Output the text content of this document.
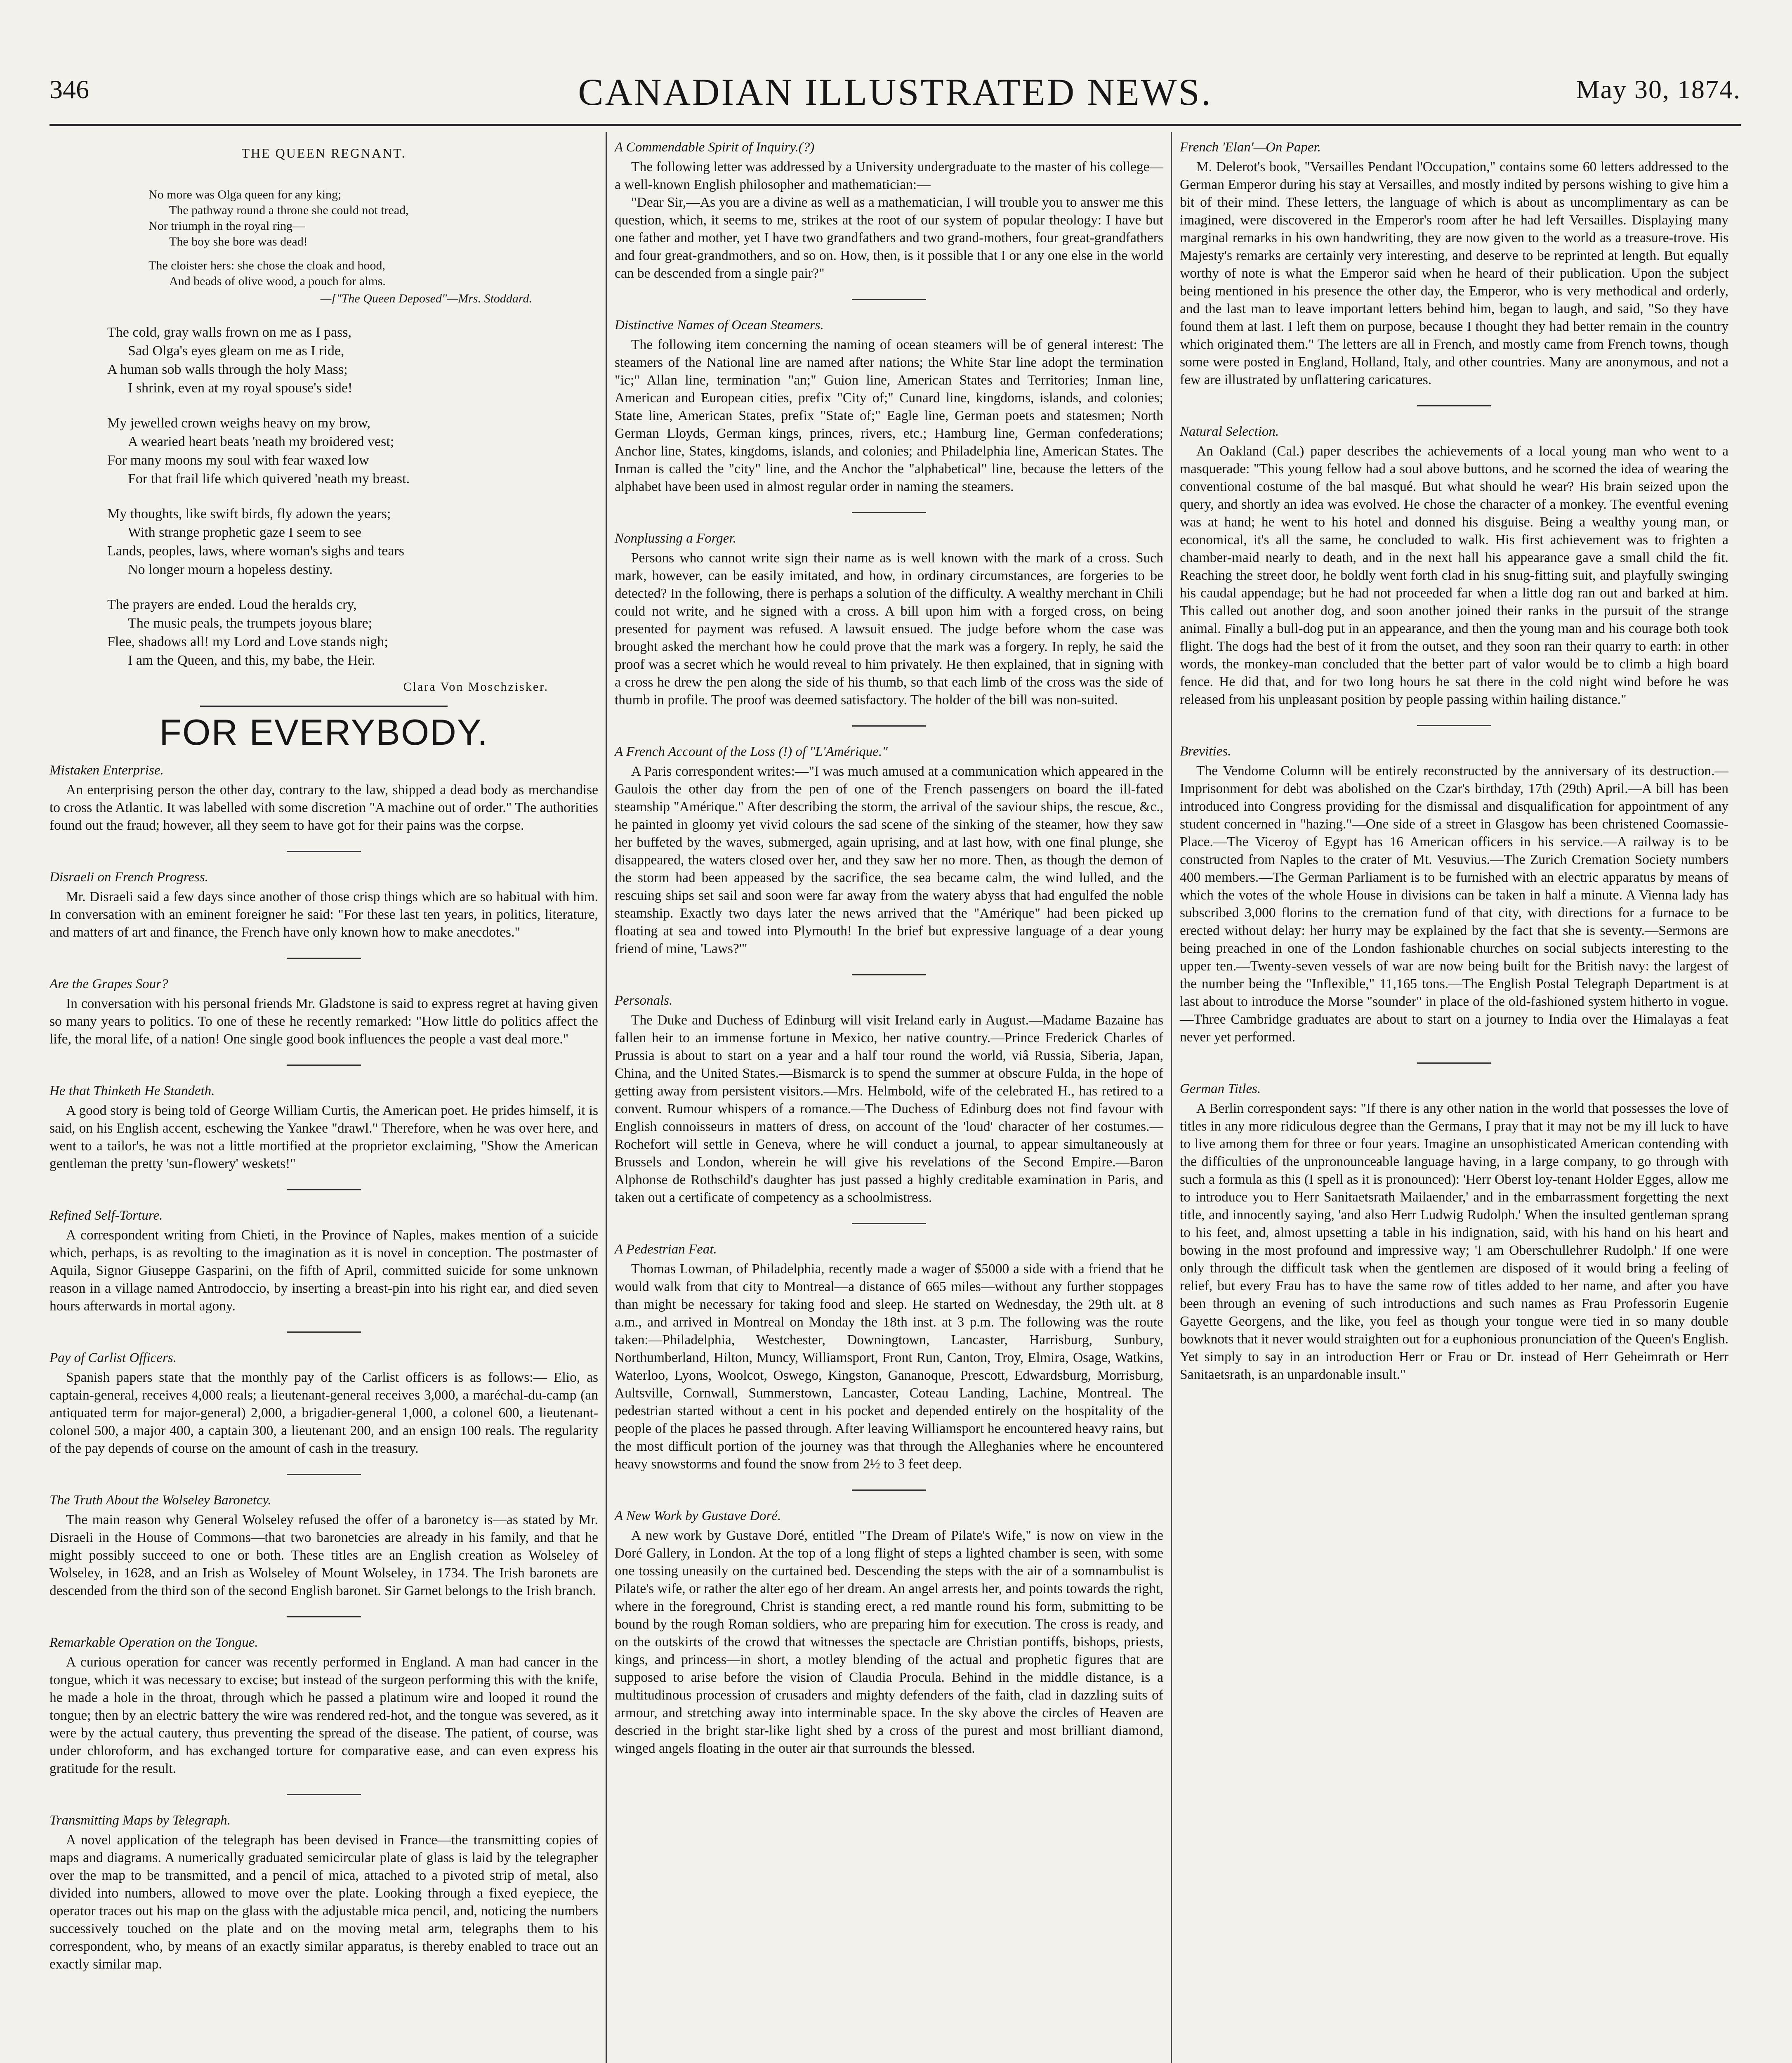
346	CANADIAN ILLUSTRATED NEWS.	May 30, 1874.
THE QUEEN REGNANT.
No more was Olga queen for any king;
The pathway round a throne she could not tread,
Nor triumph in the royal ring—
The boy she bore was dead!
The cloister hers: she chose the cloak and hood,
And beads of olive wood, a pouch for alms.
—["The Queen Deposed"—Mrs. Stoddard.
The cold, gray walls frown on me as I pass,
Sad Olga's eyes gleam on me as I ride,
A human sob walls through the holy Mass;
I shrink, even at my royal spouse's side!
My jewelled crown weighs heavy on my brow,
A wearied heart beats 'neath my broidered vest;
For many moons my soul with fear waxed low
For that frail life which quivered 'neath my breast.
My thoughts, like swift birds, fly adown the years;
With strange prophetic gaze I seem to see
Lands, peoples, laws, where woman's sighs and tears
No longer mourn a hopeless destiny.
The prayers are ended. Loud the heralds cry,
The music peals, the trumpets joyous blare;
Flee, shadows all! my Lord and Love stands nigh;
I am the Queen, and this, my babe, the Heir.
Clara Von Moschzisker.
FOR EVERYBODY.
Mistaken Enterprise.

An enterprising person the other day, contrary to the law, shipped a dead body as merchandise to cross the Atlantic. It was labelled with some discretion "A machine out of order." The authorities found out the fraud; however, all they seem to have got for their pains was the corpse.

Disraeli on French Progress.

Mr. Disraeli said a few days since another of those crisp things which are so habitual with him. In conversation with an eminent foreigner he said: "For these last ten years, in politics, literature, and matters of art and finance, the French have only known how to make anecdotes."

Are the Grapes Sour?

In conversation with his personal friends Mr. Gladstone is said to express regret at having given so many years to politics. To one of these he recently remarked: "How little do politics affect the life, the moral life, of a nation! One single good book influences the people a vast deal more."

He that Thinketh He Standeth.

A good story is being told of George William Curtis, the American poet. He prides himself, it is said, on his English accent, eschewing the Yankee "drawl." Therefore, when he was over here, and went to a tailor's, he was not a little mortified at the proprietor exclaiming, "Show the American gentleman the pretty 'sun-flowery' weskets!"

Refined Self-Torture.

A correspondent writing from Chieti, in the Province of Naples, makes mention of a suicide which, perhaps, is as revolting to the imagination as it is novel in conception. The postmaster of Aquila, Signor Giuseppe Gasparini, on the fifth of April, committed suicide for some unknown reason in a village named Antrodoccio, by inserting a breast-pin into his right ear, and died seven hours afterwards in mortal agony.

Pay of Carlist Officers.

Spanish papers state that the monthly pay of the Carlist officers is as follows:— Elio, as captain-general, receives 4,000 reals; a lieutenant-general receives 3,000, a maréchal-du-camp (an antiquated term for major-general) 2,000, a brigadier-general 1,000, a colonel 600, a lieutenant-colonel 500, a major 400, a captain 300, a lieutenant 200, and an ensign 100 reals. The regularity of the pay depends of course on the amount of cash in the treasury.

The Truth About the Wolseley Baronetcy.

The main reason why General Wolseley refused the offer of a baronetcy is—as stated by Mr. Disraeli in the House of Commons—that two baronetcies are already in his family, and that he might possibly succeed to one or both. These titles are an English creation as Wolseley of Wolseley, in 1628, and an Irish as Wolseley of Mount Wolseley, in 1734. The Irish baronets are descended from the third son of the second English baronet. Sir Garnet belongs to the Irish branch.

Remarkable Operation on the Tongue.

A curious operation for cancer was recently performed in England. A man had cancer in the tongue, which it was necessary to excise; but instead of the surgeon performing this with the knife, he made a hole in the throat, through which he passed a platinum wire and looped it round the tongue; then by an electric battery the wire was rendered red-hot, and the tongue was severed, as it were by the actual cautery, thus preventing the spread of the disease. The patient, of course, was under chloroform, and has exchanged torture for comparative ease, and can even express his gratitude for the result.

Transmitting Maps by Telegraph.

A novel application of the telegraph has been devised in France—the transmitting copies of maps and diagrams. A numerically graduated semicircular plate of glass is laid by the telegrapher over the map to be transmitted, and a pencil of mica, attached to a pivoted strip of metal, also divided into numbers, allowed to move over the plate. Looking through a fixed eyepiece, the operator traces out his map on the glass with the adjustable mica pencil, and, noticing the numbers successively touched on the plate and on the moving metal arm, telegraphs them to his correspondent, who, by means of an exactly similar apparatus, is thereby enabled to trace out an exactly similar map.

A Commendable Spirit of Inquiry.(?)

The following letter was addressed by a University undergraduate to the master of his college—a well-known English philosopher and mathematician:—

"Dear Sir,—As you are a divine as well as a mathematician, I will trouble you to answer me this question, which, it seems to me, strikes at the root of our system of popular theology: I have but one father and mother, yet I have two grandfathers and two grand-mothers, four great-grandfathers and four great-grandmothers, and so on. How, then, is it possible that I or any one else in the world can be descended from a single pair?"

Distinctive Names of Ocean Steamers.

The following item concerning the naming of ocean steamers will be of general interest: The steamers of the National line are named after nations; the White Star line adopt the termination "ic;" Allan line, termination "an;" Guion line, American States and Territories; Inman line, American and European cities, prefix "City of;" Cunard line, kingdoms, islands, and colonies; State line, American States, prefix "State of;" Eagle line, German poets and statesmen; North German Lloyds, German kings, princes, rivers, etc.; Hamburg line, German confederations; Anchor line, States, kingdoms, islands, and colonies; and Philadelphia line, American States. The Inman is called the "city" line, and the Anchor the "alphabetical" line, because the letters of the alphabet have been used in almost regular order in naming the steamers.

Nonplussing a Forger.

Persons who cannot write sign their name as is well known with the mark of a cross. Such mark, however, can be easily imitated, and how, in ordinary circumstances, are forgeries to be detected? In the following, there is perhaps a solution of the difficulty. A wealthy merchant in Chili could not write, and he signed with a cross. A bill upon him with a forged cross, on being presented for payment was refused. A lawsuit ensued. The judge before whom the case was brought asked the merchant how he could prove that the mark was a forgery. In reply, he said the proof was a secret which he would reveal to him privately. He then explained, that in signing with a cross he drew the pen along the side of his thumb, so that each limb of the cross was the side of thumb in profile. The proof was deemed satisfactory. The holder of the bill was non-suited.

A French Account of the Loss (!) of "L'Amérique."

A Paris correspondent writes:—"I was much amused at a communication which appeared in the Gaulois the other day from the pen of one of the French passengers on board the ill-fated steamship "Amérique." After describing the storm, the arrival of the saviour ships, the rescue, &c., he painted in gloomy yet vivid colours the sad scene of the sinking of the steamer, how they saw her buffeted by the waves, submerged, again uprising, and at last how, with one final plunge, she disappeared, the waters closed over her, and they saw her no more. Then, as though the demon of the storm had been appeased by the sacrifice, the sea became calm, the wind lulled, and the rescuing ships set sail and soon were far away from the watery abyss that had engulfed the noble steamship. Exactly two days later the news arrived that the "Amérique" had been picked up floating at sea and towed into Plymouth! In the brief but expressive language of a dear young friend of mine, 'Laws?'"

Personals.

The Duke and Duchess of Edinburg will visit Ireland early in August.—Madame Bazaine has fallen heir to an immense fortune in Mexico, her native country.—Prince Frederick Charles of Prussia is about to start on a year and a half tour round the world, viâ Russia, Siberia, Japan, China, and the United States.—Bismarck is to spend the summer at obscure Fulda, in the hope of getting away from persistent visitors.—Mrs. Helmbold, wife of the celebrated H., has retired to a convent. Rumour whispers of a romance.—The Duchess of Edinburg does not find favour with English connoisseurs in matters of dress, on account of the 'loud' character of her costumes.—Rochefort will settle in Geneva, where he will conduct a journal, to appear simultaneously at Brussels and London, wherein he will give his revelations of the Second Empire.—Baron Alphonse de Rothschild's daughter has just passed a highly creditable examination in Paris, and taken out a certificate of competency as a schoolmistress.

A Pedestrian Feat.

Thomas Lowman, of Philadelphia, recently made a wager of $5000 a side with a friend that he would walk from that city to Montreal—a distance of 665 miles—without any further stoppages than might be necessary for taking food and sleep. He started on Wednesday, the 29th ult. at 8 a.m., and arrived in Montreal on Monday the 18th inst. at 3 p.m. The following was the route taken:—Philadelphia, Westchester, Downingtown, Lancaster, Harrisburg, Sunbury, Northumberland, Hilton, Muncy, Williamsport, Front Run, Canton, Troy, Elmira, Osage, Watkins, Waterloo, Lyons, Woolcot, Oswego, Kingston, Gananoque, Prescott, Edwardsburg, Morrisburg, Aultsville, Cornwall, Summerstown, Lancaster, Coteau Landing, Lachine, Montreal. The pedestrian started without a cent in his pocket and depended entirely on the hospitality of the people of the places he passed through. After leaving Williamsport he encountered heavy rains, but the most difficult portion of the journey was that through the Alleghanies where he encountered heavy snowstorms and found the snow from 2½ to 3 feet deep.

A New Work by Gustave Doré.

A new work by Gustave Doré, entitled "The Dream of Pilate's Wife," is now on view in the Doré Gallery, in London. At the top of a long flight of steps a lighted chamber is seen, with some one tossing uneasily on the curtained bed. Descending the steps with the air of a somnambulist is Pilate's wife, or rather the alter ego of her dream. An angel arrests her, and points towards the right, where in the foreground, Christ is standing erect, a red mantle round his form, submitting to be bound by the rough Roman soldiers, who are preparing him for execution. The cross is ready, and on the outskirts of the crowd that witnesses the spectacle are Christian pontiffs, bishops, priests, kings, and princess—in short, a motley blending of the actual and prophetic figures that are supposed to arise before the vision of Claudia Procula. Behind in the middle distance, is a multitudinous procession of crusaders and mighty defenders of the faith, clad in dazzling suits of armour, and stretching away into interminable space. In the sky above the circles of Heaven are descried in the bright star-like light shed by a cross of the purest and most brilliant diamond, winged angels floating in the outer air that surrounds the blessed.

French 'Elan'—On Paper.

M. Delerot's book, "Versailles Pendant l'Occupation," contains some 60 letters addressed to the German Emperor during his stay at Versailles, and mostly indited by persons wishing to give him a bit of their mind. These letters, the language of which is about as uncomplimentary as can be imagined, were discovered in the Emperor's room after he had left Versailles. Displaying many marginal remarks in his own handwriting, they are now given to the world as a treasure-trove. His Majesty's remarks are certainly very interesting, and deserve to be reprinted at length. But equally worthy of note is what the Emperor said when he heard of their publication. Upon the subject being mentioned in his presence the other day, the Emperor, who is very methodical and orderly, and the last man to leave important letters behind him, began to laugh, and said, "So they have found them at last. I left them on purpose, because I thought they had better remain in the country which originated them." The letters are all in French, and mostly came from French towns, though some were posted in England, Holland, Italy, and other countries. Many are anonymous, and not a few are illustrated by unflattering caricatures.

Natural Selection.

An Oakland (Cal.) paper describes the achievements of a local young man who went to a masquerade: "This young fellow had a soul above buttons, and he scorned the idea of wearing the conventional costume of the bal masqué. But what should he wear? His brain seized upon the query, and shortly an idea was evolved. He chose the character of a monkey. The eventful evening was at hand; he went to his hotel and donned his disguise. Being a wealthy young man, or economical, it's all the same, he concluded to walk. His first achievement was to frighten a chamber-maid nearly to death, and in the next hall his appearance gave a small child the fit. Reaching the street door, he boldly went forth clad in his snug-fitting suit, and playfully swinging his caudal appendage; but he had not proceeded far when a little dog ran out and barked at him. This called out another dog, and soon another joined their ranks in the pursuit of the strange animal. Finally a bull-dog put in an appearance, and then the young man and his courage both took flight. The dogs had the best of it from the outset, and they soon ran their quarry to earth: in other words, the monkey-man concluded that the better part of valor would be to climb a high board fence. He did that, and for two long hours he sat there in the cold night wind before he was released from his unpleasant position by people passing within hailing distance."

Brevities.

The Vendome Column will be entirely reconstructed by the anniversary of its destruction.—Imprisonment for debt was abolished on the Czar's birthday, 17th (29th) April.—A bill has been introduced into Congress providing for the dismissal and disqualification for appointment of any student concerned in "hazing."—One side of a street in Glasgow has been christened Coomassie-Place.—The Viceroy of Egypt has 16 American officers in his service.—A railway is to be constructed from Naples to the crater of Mt. Vesuvius.—The Zurich Cremation Society numbers 400 members.—The German Parliament is to be furnished with an electric apparatus by means of which the votes of the whole House in divisions can be taken in half a minute. A Vienna lady has subscribed 3,000 florins to the cremation fund of that city, with directions for a furnace to be erected without delay: her hurry may be explained by the fact that she is seventy.—Sermons are being preached in one of the London fashionable churches on social subjects interesting to the upper ten.—Twenty-seven vessels of war are now being built for the British navy: the largest of the number being the "Inflexible," 11,165 tons.—The English Postal Telegraph Department is at last about to introduce the Morse "sounder" in place of the old-fashioned system hitherto in vogue.—Three Cambridge graduates are about to start on a journey to India over the Himalayas a feat never yet performed.

German Titles.

A Berlin correspondent says: "If there is any other nation in the world that possesses the love of titles in any more ridiculous degree than the Germans, I pray that it may not be my ill luck to have to live among them for three or four years. Imagine an unsophisticated American contending with the difficulties of the unpronounceable language having, in a large company, to go through with such a formula as this (I spell as it is pronounced): 'Herr Oberst loy-tenant Holder Egges, allow me to introduce you to Herr Sanitaetsrath Mailaender,' and in the embarrassment forgetting the next title, and innocently saying, 'and also Herr Ludwig Rudolph.' When the insulted gentleman sprang to his feet, and, almost upsetting a table in his indignation, said, with his hand on his heart and bowing in the most profound and impressive way; 'I am Oberschullehrer Rudolph.' If one were only through the difficult task when the gentlemen are disposed of it would bring a feeling of relief, but every Frau has to have the same row of titles added to her name, and after you have been through an evening of such introductions and such names as Frau Professorin Eugenie Gayette Georgens, and the like, you feel as though your tongue were tied in so many double bowknots that it never would straighten out for a euphonious pronunciation of the Queen's English. Yet simply to say in an introduction Herr or Frau or Dr. instead of Herr Geheimrath or Herr Sanitaetsrath, is an unpardonable insult."
